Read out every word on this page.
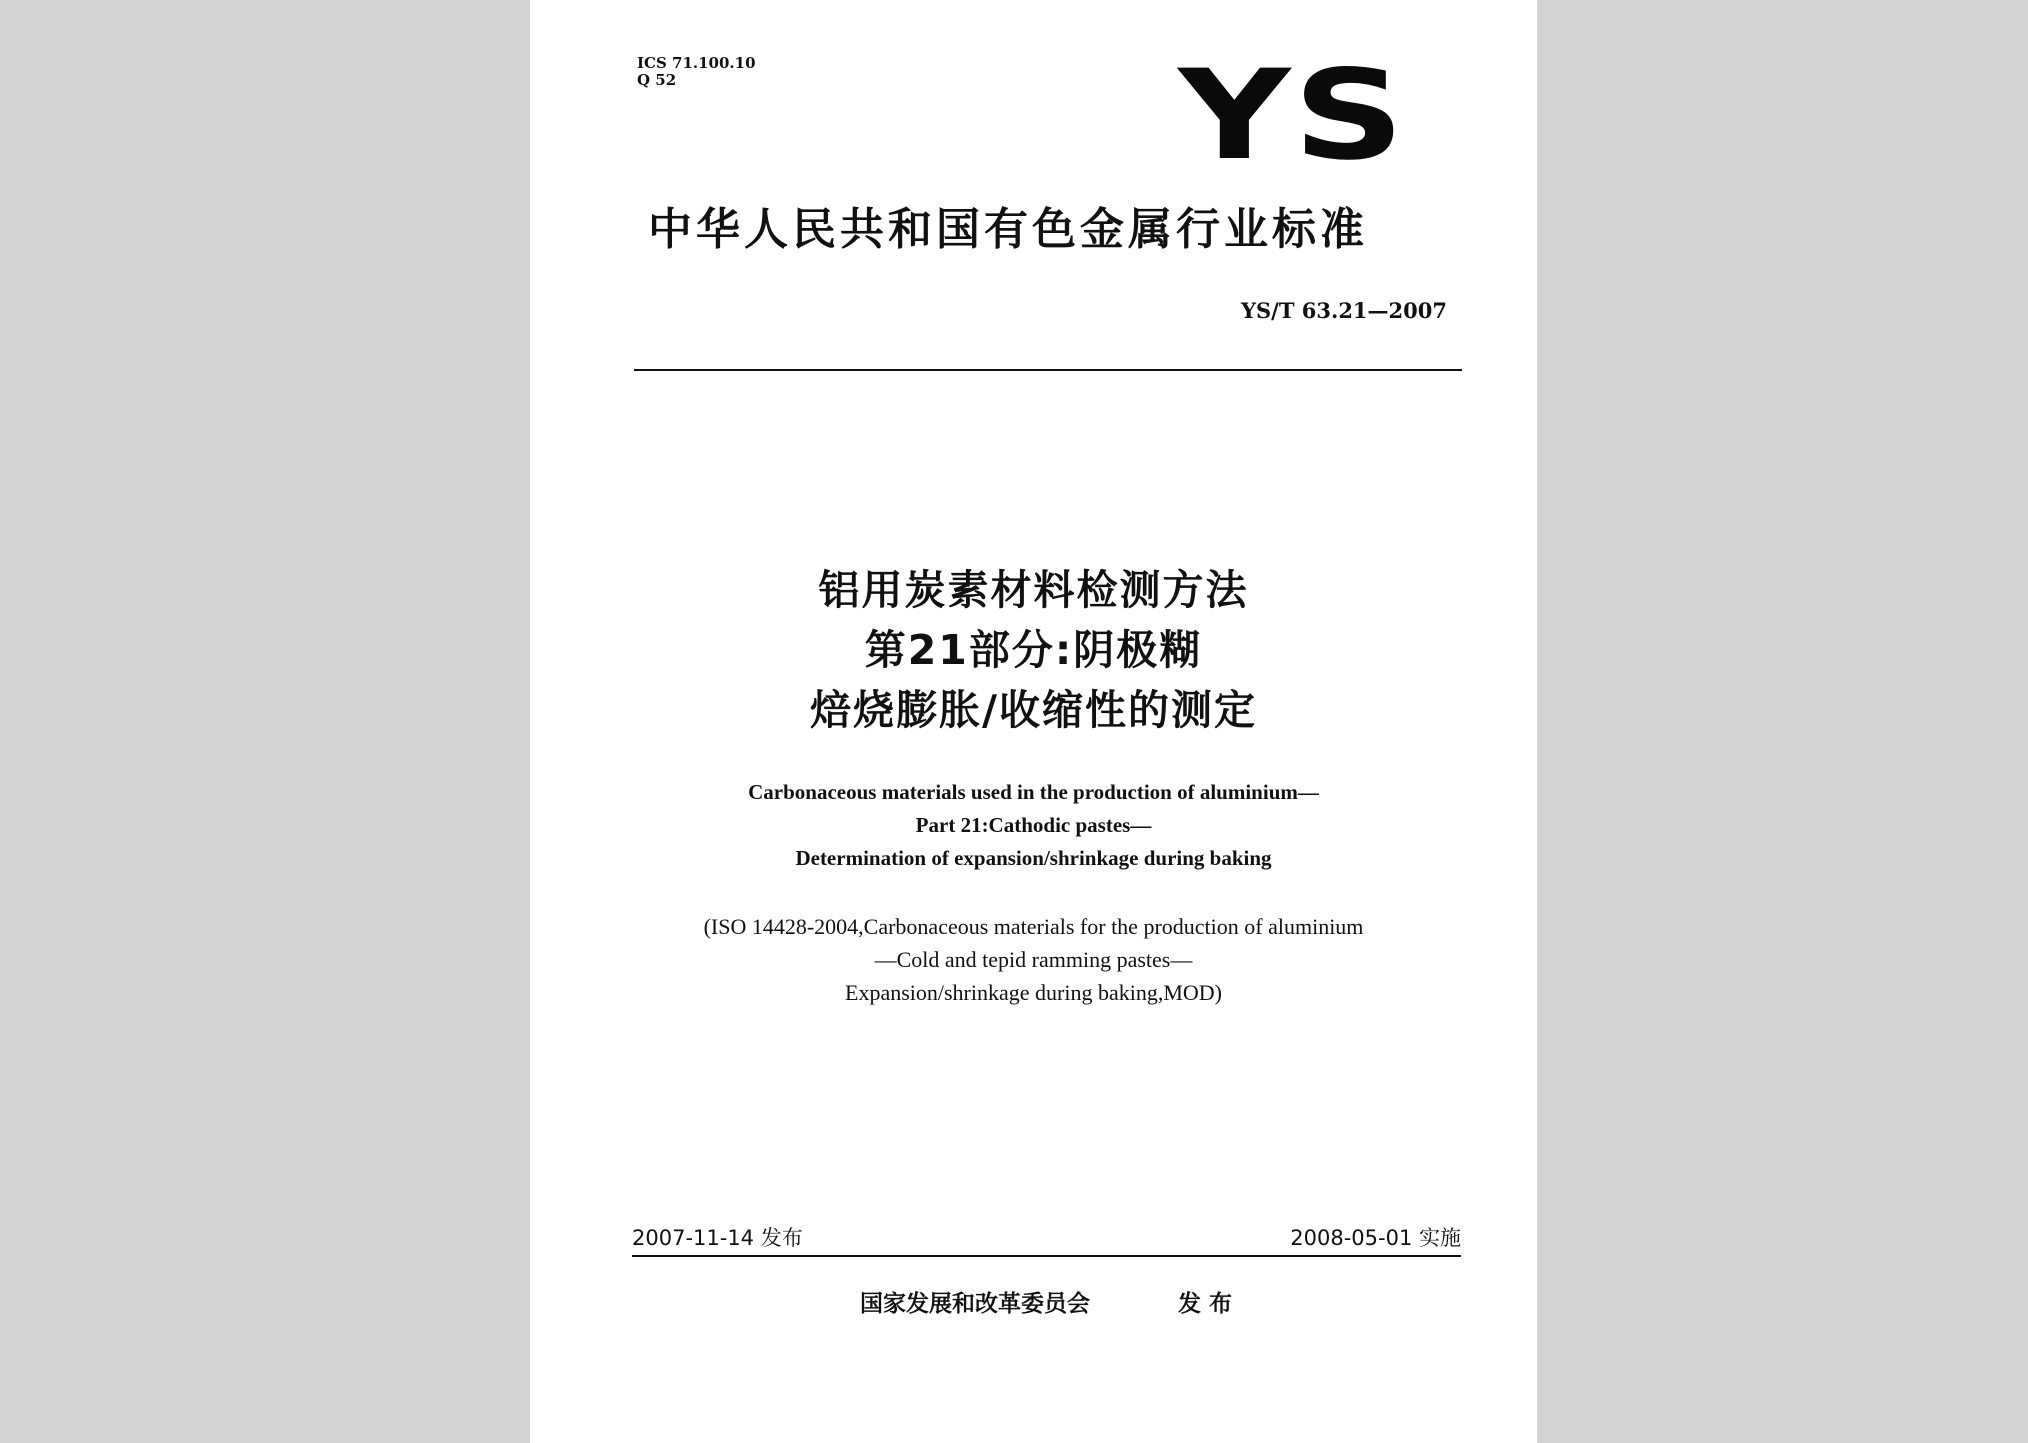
ICS 71.100.10
Q 52	YS
中华人民共和国有色金属行业标准
YS/T 63.21—2007
铝用炭素材料检测方法
第21部分:阴极糊
焙烧膨胀/收缩性的测定
Carbonaceous materials used in the production of aluminium—
Part 21:Cathodic pastes—
Determination of expansion/shrinkage during baking
(ISO 14428-2004,Carbonaceous materials for the production of aluminium
—Cold and tepid ramming pastes—
Expansion/shrinkage during baking,MOD)
2007-11-14 发布	2008-05-01 实施
国家发展和改革委员会	发 布
